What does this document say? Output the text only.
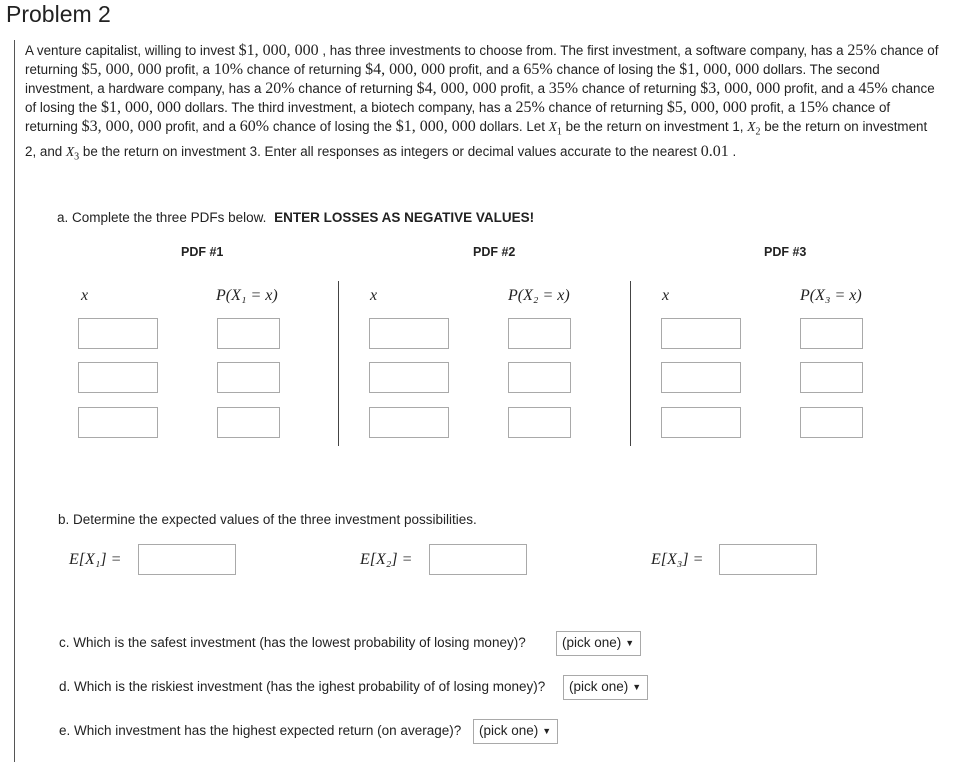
Problem 2
A venture capitalist, willing to invest $1, 000, 000 , has three investments to choose from. The first investment, a software company, has a 25% chance of returning $5, 000, 000 profit, a 10% chance of returning $4, 000, 000 profit, and a 65% chance of losing the $1, 000, 000 dollars. The second investment, a hardware company, has a 20% chance of returning $4, 000, 000 profit, a 35% chance of returning $3, 000, 000 profit, and a 45% chance of losing the $1, 000, 000 dollars. The third investment, a biotech company, has a 25% chance of returning $5, 000, 000 profit, a 15% chance of returning $3, 000, 000 profit, and a 60% chance of losing the $1, 000, 000 dollars. Let $X_1$ be the return on investment 1, $X_2$ be the return on investment 2, and $X_3$ be the return on investment 3. Enter all responses as integers or decimal values accurate to the nearest 0.01 .
a. Complete the three PDFs below. ENTER LOSSES AS NEGATIVE VALUES!
PDF #1	PDF #2	PDF #3
x	P(X₁ = x)	x	P(X₂ = x)	x	P(X₃ = x)
b. Determine the expected values of the three investment possibilities.
E[X₁] =	E[X₂] =	E[X₃] =
c. Which is the safest investment (has the lowest probability of losing money)?	(pick one) ▼
d. Which is the riskiest investment (has the ighest probability of of losing money)?	(pick one) ▼
e. Which investment has the highest expected return (on average)?	(pick one) ▼
